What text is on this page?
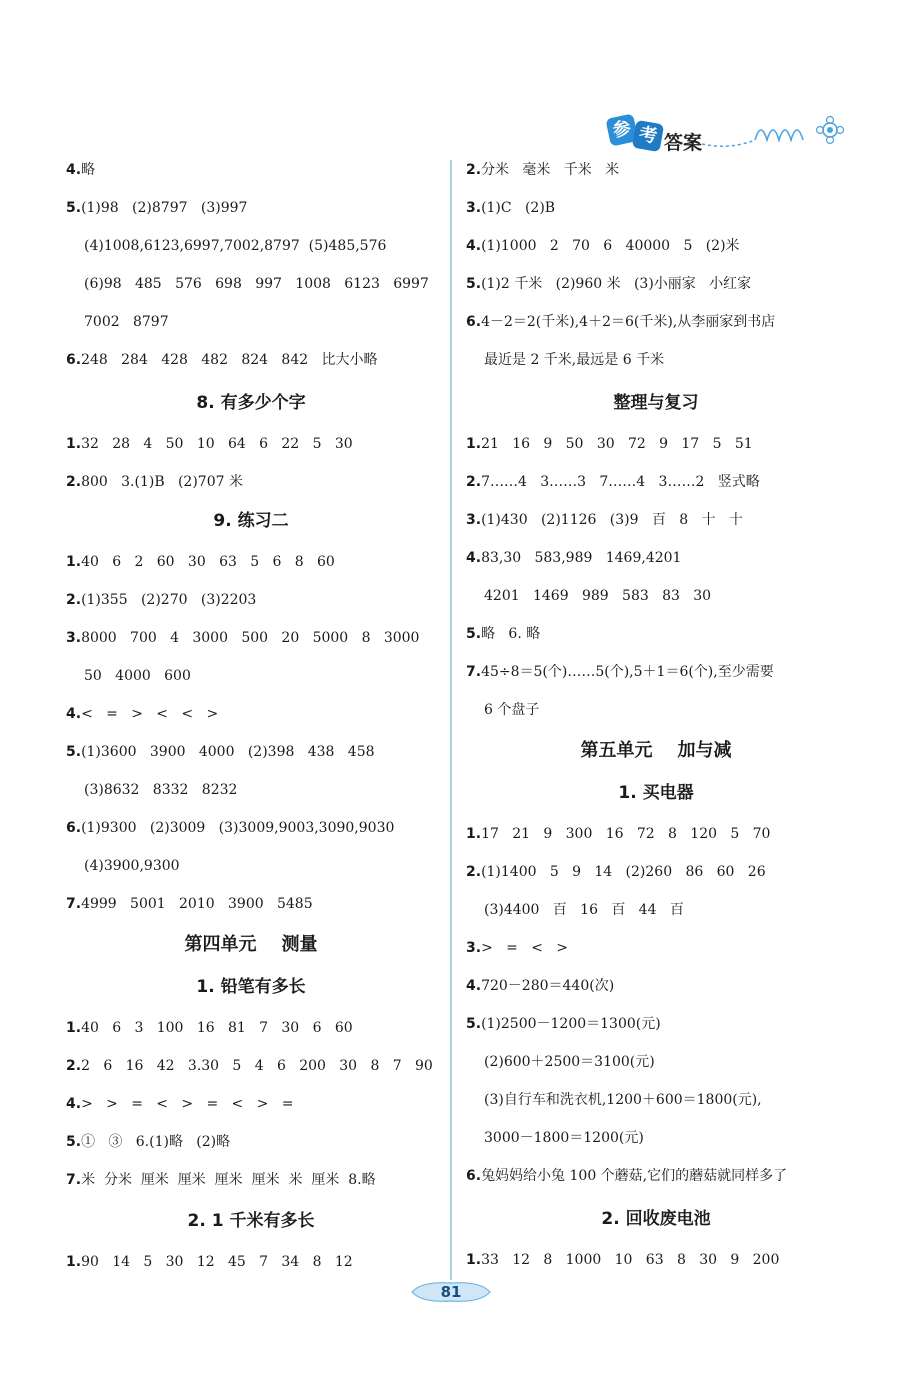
参 考 答案
4.略
5.(1)98   (2)8797   (3)997
(4)1008,6123,6997,7002,8797  (5)485,576
(6)98   485   576   698   997   1008   6123   6997
7002   8797
6.248   284   428   482   824   842   比大小略
8. 有多少个字
1.32   28   4   50   10   64   6   22   5   30
2.800   3.(1)B   (2)707 米
9. 练习二
1.40   6   2   60   30   63   5   6   8   60
2.(1)355   (2)270   (3)2203
3.8000   700   4   3000   500   20   5000   8   3000
50   4000   600
4.<   =   >   <   <   >
5.(1)3600   3900   4000   (2)398   438   458
(3)8632   8332   8232
6.(1)9300   (2)3009   (3)3009,9003,3090,9030
(4)3900,9300
7.4999   5001   2010   3900   5485
第四单元    测量
1. 铅笔有多长
1.40   6   3   100   16   81   7   30   6   60
2.2   6   16   42   3.30   5   4   6   200   30   8   7   90
4.>   >   =   <   >   =   <   >   =
5.①   ③   6.(1)略   (2)略
7.米  分米  厘米  厘米  厘米  厘米  米  厘米  8.略
2. 1 千米有多长
1.90   14   5   30   12   45   7   34   8   12
2.分米   毫米   千米   米
3.(1)C   (2)B
4.(1)1000   2   70   6   40000   5   (2)米
5.(1)2 千米   (2)960 米   (3)小丽家   小红家
6.4－2＝2(千米),4＋2＝6(千米),从李丽家到书店
最近是 2 千米,最远是 6 千米
整理与复习
1.21   16   9   50   30   72   9   17   5   51
2.7……4   3……3   7……4   3……2   竖式略
3.(1)430   (2)1126   (3)9   百   8   十   十
4.83,30   583,989   1469,4201
4201   1469   989   583   83   30
5.略   6. 略
7.45÷8＝5(个)……5(个),5＋1＝6(个),至少需要
6 个盘子
第五单元    加与减
1. 买电器
1.17   21   9   300   16   72   8   120   5   70
2.(1)1400   5   9   14   (2)260   86   60   26
(3)4400   百   16   百   44   百
3.>   =   <   >
4.720－280＝440(次)
5.(1)2500－1200＝1300(元)
(2)600＋2500＝3100(元)
(3)自行车和洗衣机,1200＋600＝1800(元),
3000－1800＝1200(元)
6.兔妈妈给小兔 100 个蘑菇,它们的蘑菇就同样多了
2. 回收废电池
1.33   12   8   1000   10   63   8   30   9   200
81
